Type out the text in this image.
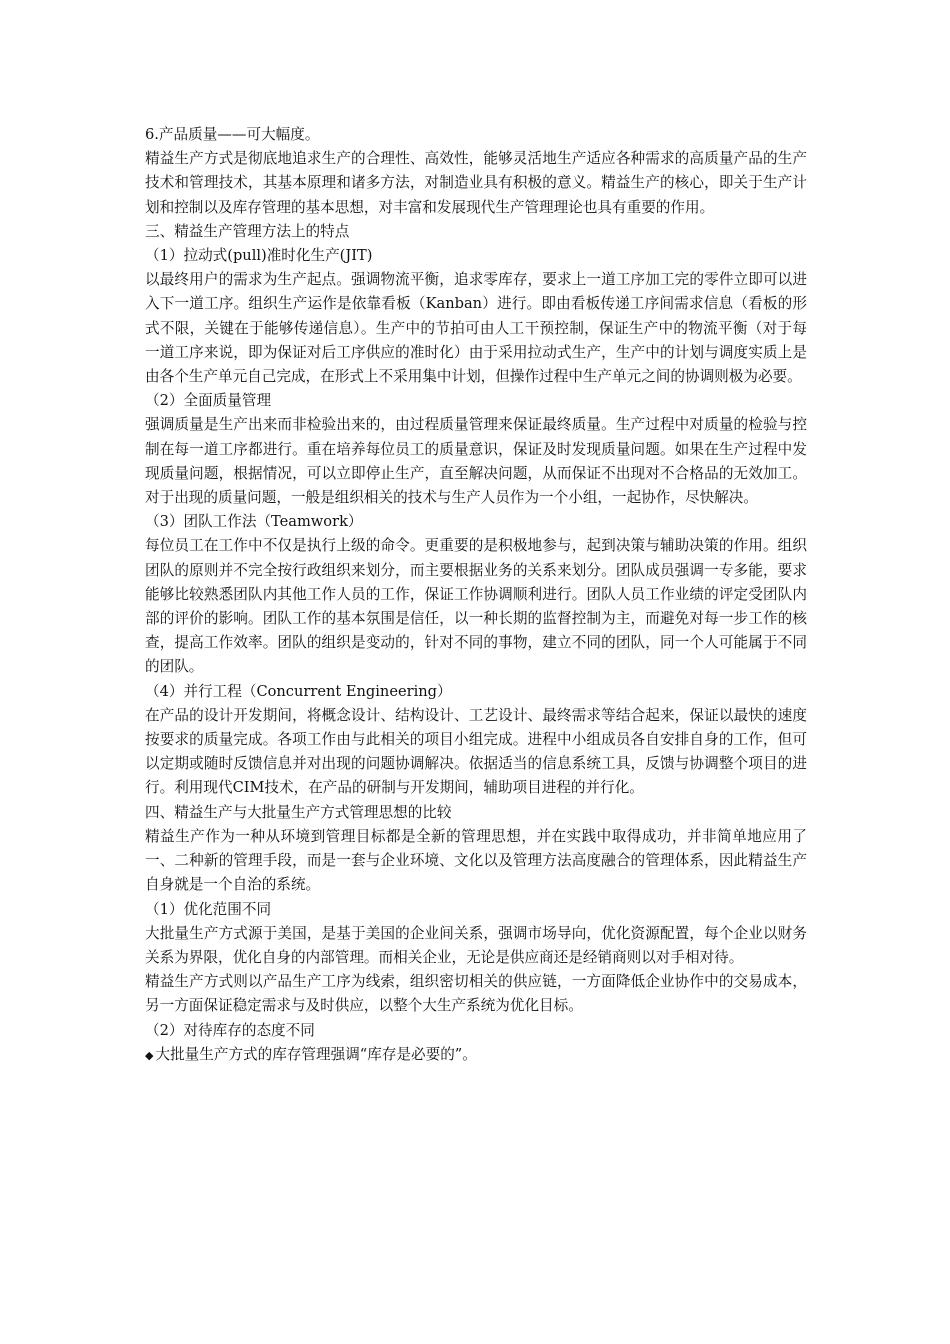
6.产品质量——可大幅度。

精益生产方式是彻底地追求生产的合理性、高效性，能够灵活地生产适应各种需求的高质量产品的生产技术和管理技术，其基本原理和诸多方法，对制造业具有积极的意义。精益生产的核心，即关于生产计划和控制以及库存管理的基本思想，对丰富和发展现代生产管理理论也具有重要的作用。

三、精益生产管理方法上的特点

（1）拉动式(pull)准时化生产(JIT)

以最终用户的需求为生产起点。强调物流平衡，追求零库存，要求上一道工序加工完的零件立即可以进入下一道工序。组织生产运作是依靠看板（Kanban）进行。即由看板传递工序间需求信息（看板的形式不限，关键在于能够传递信息）。生产中的节拍可由人工干预控制，保证生产中的物流平衡（对于每一道工序来说，即为保证对后工序供应的准时化）由于采用拉动式生产，生产中的计划与调度实质上是由各个生产单元自己完成，在形式上不采用集中计划，但操作过程中生产单元之间的协调则极为必要。

（2）全面质量管理

强调质量是生产出来而非检验出来的，由过程质量管理来保证最终质量。生产过程中对质量的检验与控制在每一道工序都进行。重在培养每位员工的质量意识，保证及时发现质量问题。如果在生产过程中发现质量问题，根据情况，可以立即停止生产，直至解决问题，从而保证不出现对不合格品的无效加工。对于出现的质量问题，一般是组织相关的技术与生产人员作为一个小组，一起协作，尽快解决。

（3）团队工作法（Teamwork）

每位员工在工作中不仅是执行上级的命令。更重要的是积极地参与，起到决策与辅助决策的作用。组织团队的原则并不完全按行政组织来划分，而主要根据业务的关系来划分。团队成员强调一专多能，要求能够比较熟悉团队内其他工作人员的工作，保证工作协调顺利进行。团队人员工作业绩的评定受团队内部的评价的影响。团队工作的基本氛围是信任，以一种长期的监督控制为主，而避免对每一步工作的核查，提高工作效率。团队的组织是变动的，针对不同的事物，建立不同的团队，同一个人可能属于不同的团队。

（4）并行工程（Concurrent Engineering）

在产品的设计开发期间，将概念设计、结构设计、工艺设计、最终需求等结合起来，保证以最快的速度按要求的质量完成。各项工作由与此相关的项目小组完成。进程中小组成员各自安排自身的工作，但可以定期或随时反馈信息并对出现的问题协调解决。依据适当的信息系统工具，反馈与协调整个项目的进行。利用现代CIM技术，在产品的研制与开发期间，辅助项目进程的并行化。

四、精益生产与大批量生产方式管理思想的比较

精益生产作为一种从环境到管理目标都是全新的管理思想，并在实践中取得成功，并非简单地应用了一、二种新的管理手段，而是一套与企业环境、文化以及管理方法高度融合的管理体系，因此精益生产自身就是一个自治的系统。

（1）优化范围不同

大批量生产方式源于美国，是基于美国的企业间关系，强调市场导向，优化资源配置，每个企业以财务关系为界限，优化自身的内部管理。而相关企业，无论是供应商还是经销商则以对手相对待。

精益生产方式则以产品生产工序为线索，组织密切相关的供应链，一方面降低企业协作中的交易成本，另一方面保证稳定需求与及时供应，以整个大生产系统为优化目标。

（2）对待库存的态度不同

◆ 大批量生产方式的库存管理强调“库存是必要的”。
